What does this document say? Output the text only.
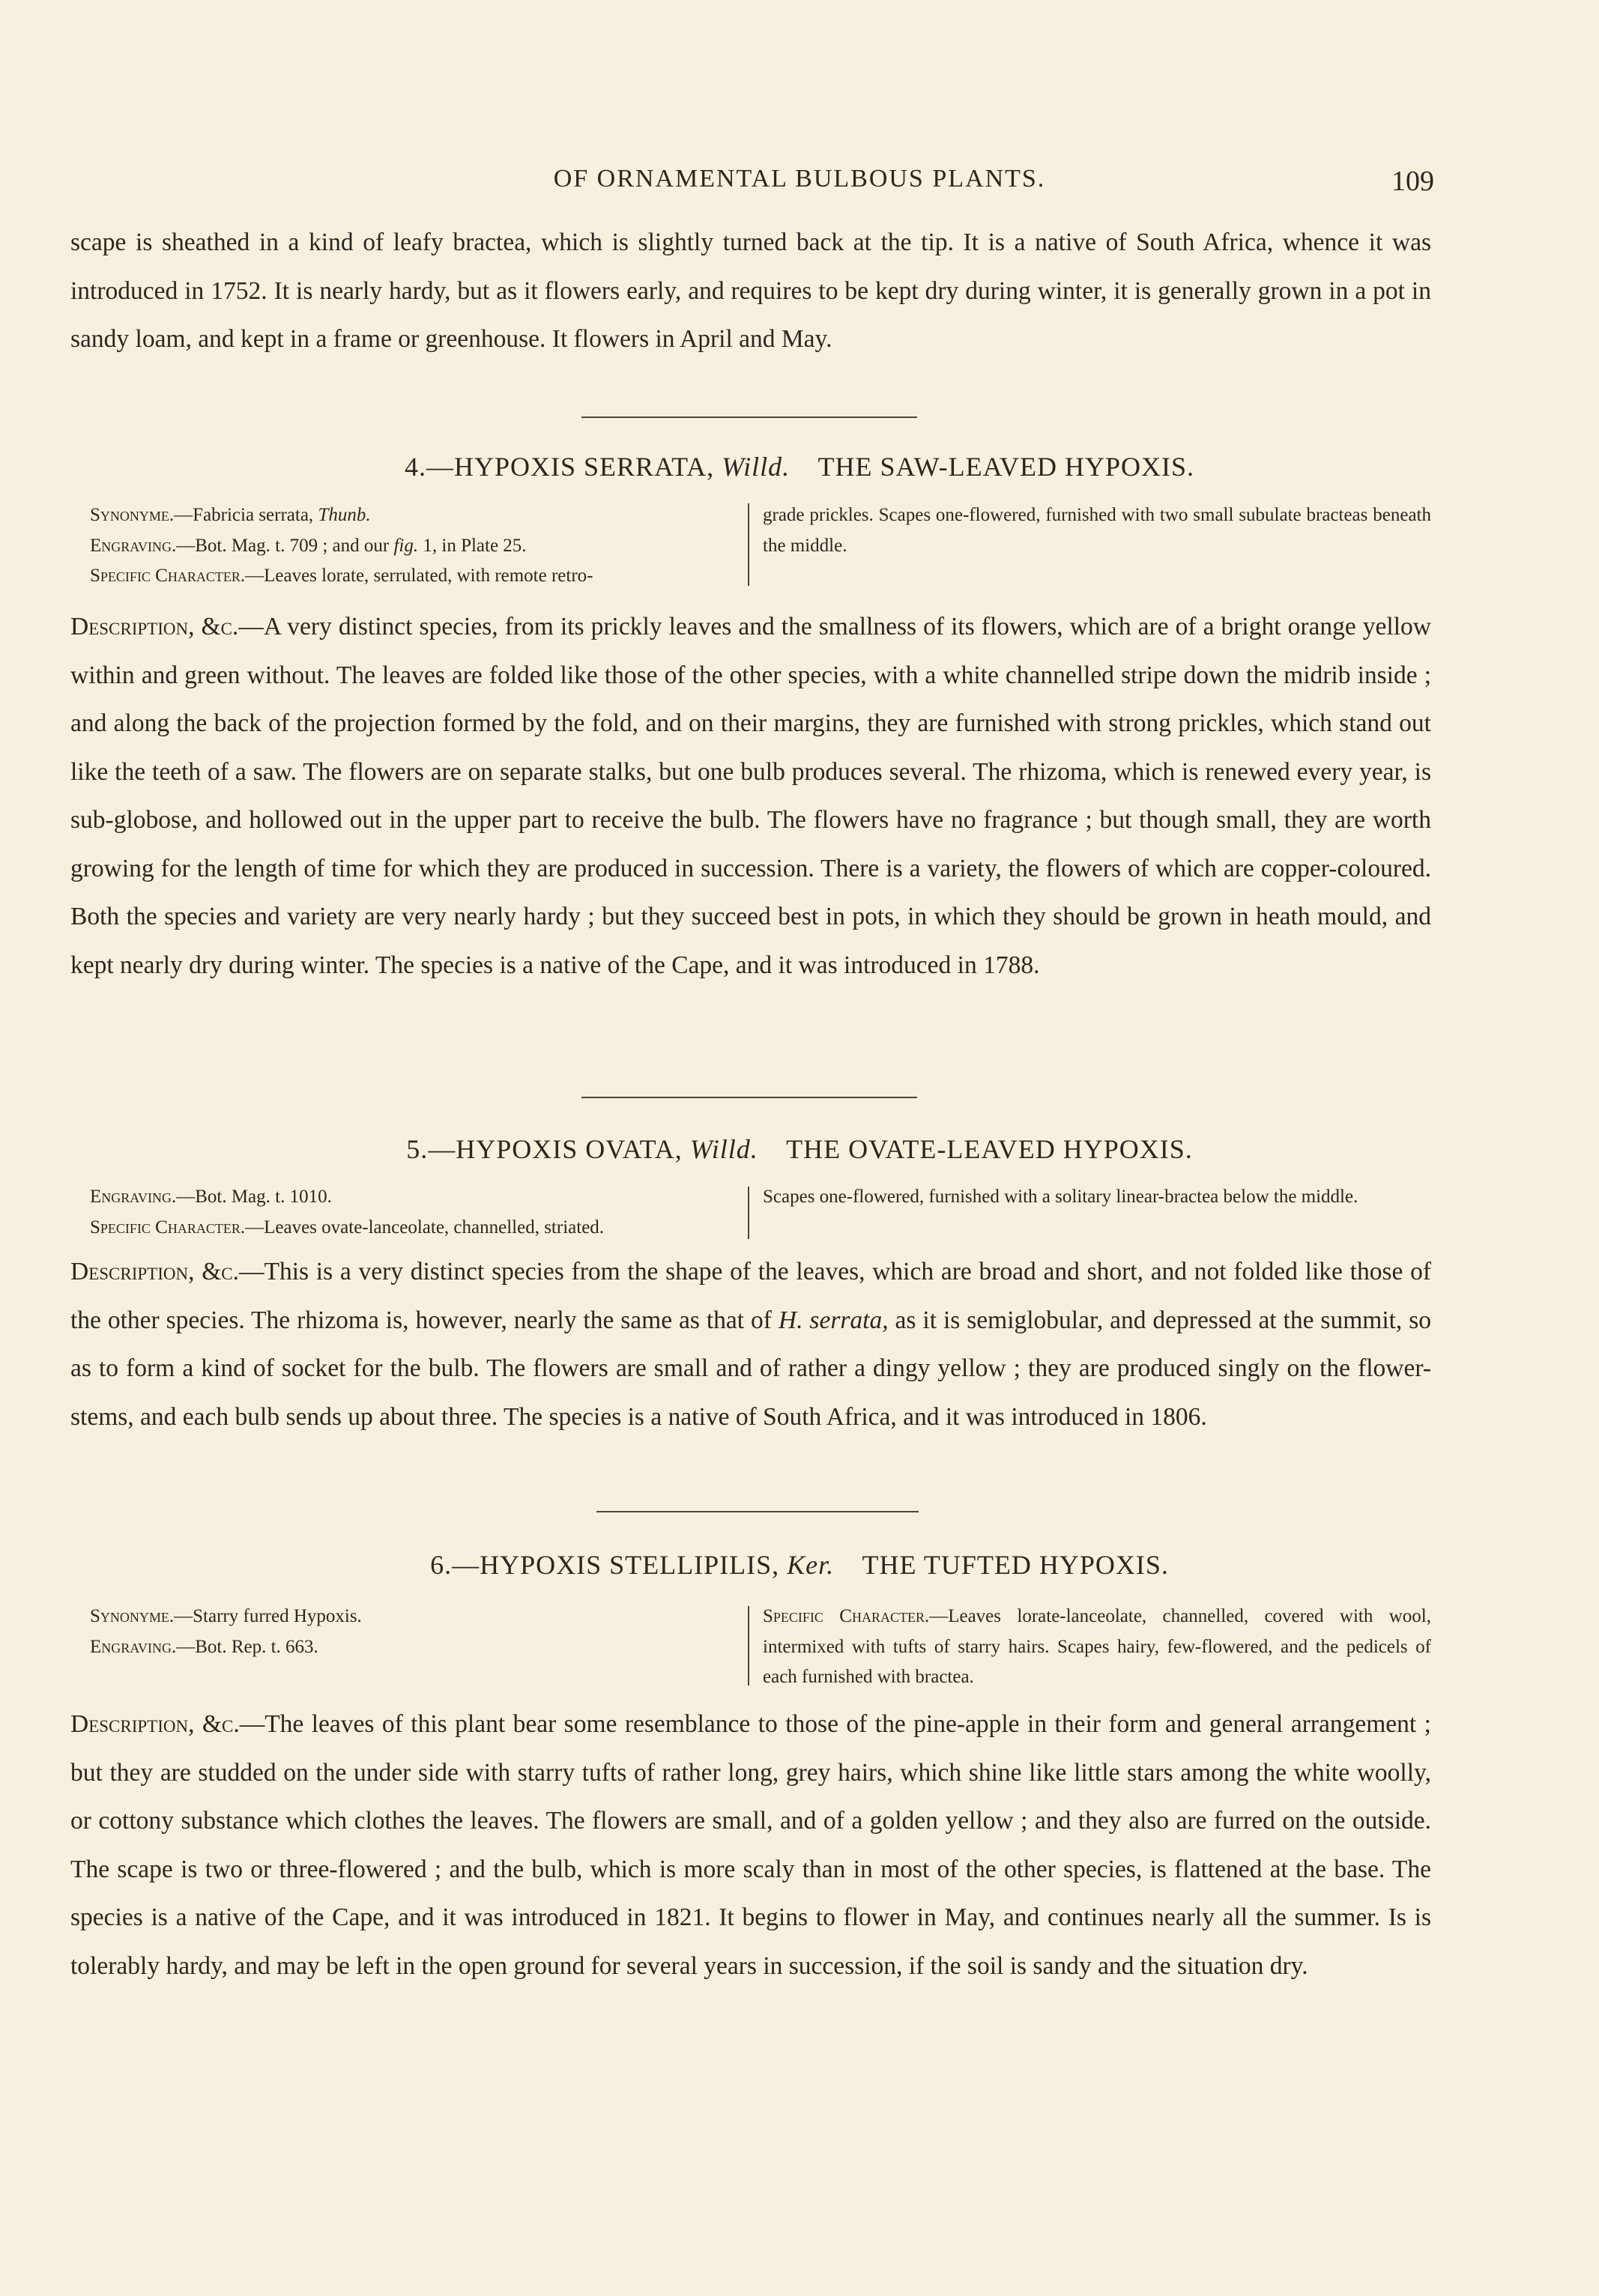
OF ORNAMENTAL BULBOUS PLANTS.	109

scape is sheathed in a kind of leafy bractea, which is slightly turned back at the tip. It is a native of South Africa, whence it was introduced in 1752. It is nearly hardy, but as it flowers early, and requires to be kept dry during winter, it is generally grown in a pot in sandy loam, and kept in a frame or greenhouse. It flowers in April and May.

4.—HYPOXIS SERRATA, Willd. THE SAW-LEAVED HYPOXIS.
Synonyme.—Fabricia serrata, Thunb.
Engraving.—Bot. Mag. t. 709 ; and our fig. 1, in Plate 25.
Specific Character.—Leaves lorate, serrulated, with remote retro-

grade prickles. Scapes one-flowered, furnished with two small subulate bracteas beneath the middle.

Description, &c.—A very distinct species, from its prickly leaves and the smallness of its flowers, which are of a bright orange yellow within and green without. The leaves are folded like those of the other species, with a white channelled stripe down the midrib inside ; and along the back of the projection formed by the fold, and on their margins, they are furnished with strong prickles, which stand out like the teeth of a saw. The flowers are on separate stalks, but one bulb produces several. The rhizoma, which is renewed every year, is sub-globose, and hollowed out in the upper part to receive the bulb. The flowers have no fragrance ; but though small, they are worth growing for the length of time for which they are produced in succession. There is a variety, the flowers of which are copper-coloured. Both the species and variety are very nearly hardy ; but they succeed best in pots, in which they should be grown in heath mould, and kept nearly dry during winter. The species is a native of the Cape, and it was introduced in 1788.

5.—HYPOXIS OVATA, Willd. THE OVATE-LEAVED HYPOXIS.
Engraving.—Bot. Mag. t. 1010.
Specific Character.—Leaves ovate-lanceolate, channelled, striated.

Scapes one-flowered, furnished with a solitary linear-bractea below the middle.

Description, &c.—This is a very distinct species from the shape of the leaves, which are broad and short, and not folded like those of the other species. The rhizoma is, however, nearly the same as that of H. serrata, as it is semiglobular, and depressed at the summit, so as to form a kind of socket for the bulb. The flowers are small and of rather a dingy yellow ; they are produced singly on the flower-stems, and each bulb sends up about three. The species is a native of South Africa, and it was introduced in 1806.

6.—HYPOXIS STELLIPILIS, Ker. THE TUFTED HYPOXIS.
Synonyme.—Starry furred Hypoxis.
Engraving.—Bot. Rep. t. 663.

Specific Character.—Leaves lorate-lanceolate, channelled, covered with wool, intermixed with tufts of starry hairs. Scapes hairy, few-flowered, and the pedicels of each furnished with bractea.

Description, &c.—The leaves of this plant bear some resemblance to those of the pine-apple in their form and general arrangement ; but they are studded on the under side with starry tufts of rather long, grey hairs, which shine like little stars among the white woolly, or cottony substance which clothes the leaves. The flowers are small, and of a golden yellow ; and they also are furred on the outside. The scape is two or three-flowered ; and the bulb, which is more scaly than in most of the other species, is flattened at the base. The species is a native of the Cape, and it was introduced in 1821. It begins to flower in May, and continues nearly all the summer. Is is tolerably hardy, and may be left in the open ground for several years in succession, if the soil is sandy and the situation dry.
